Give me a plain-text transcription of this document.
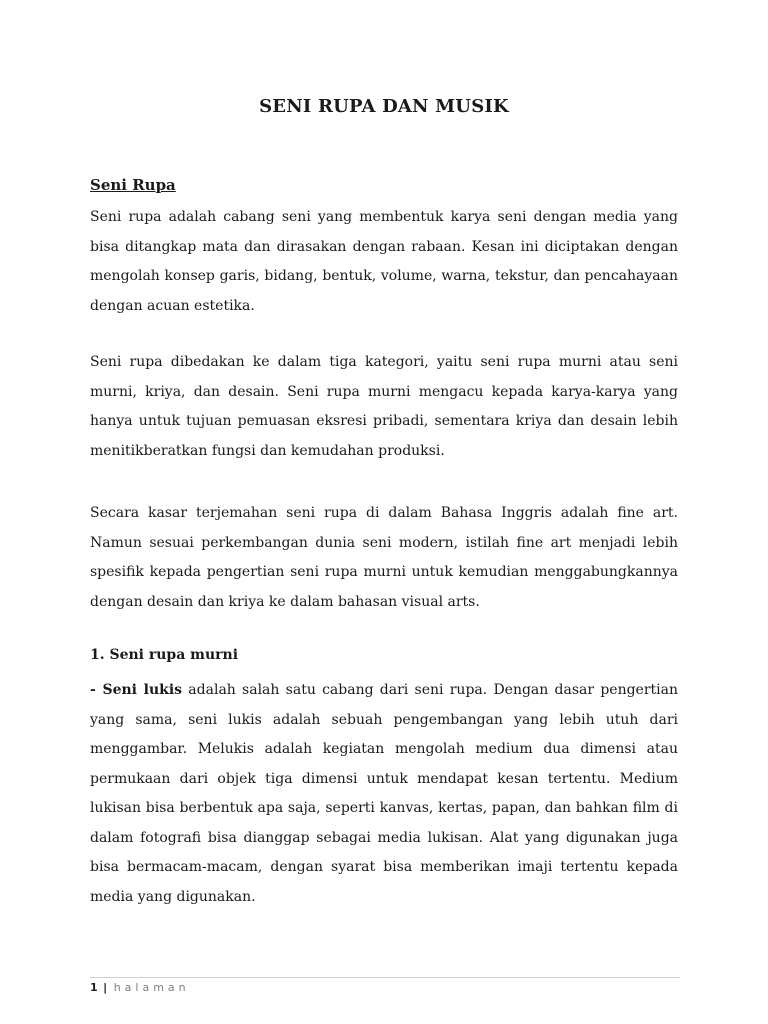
SENI RUPA DAN MUSIK
Seni Rupa

Seni rupa adalah cabang seni yang membentuk karya seni dengan media yang bisa ditangkap mata dan dirasakan dengan rabaan. Kesan ini diciptakan dengan mengolah konsep garis, bidang, bentuk, volume, warna, tekstur, dan pencahayaan dengan acuan estetika.

Seni rupa dibedakan ke dalam tiga kategori, yaitu seni rupa murni atau seni murni, kriya, dan desain. Seni rupa murni mengacu kepada karya-karya yang hanya untuk tujuan pemuasan eksresi pribadi, sementara kriya dan desain lebih menitikberatkan fungsi dan kemudahan produksi.

Secara kasar terjemahan seni rupa di dalam Bahasa Inggris adalah fine art. Namun sesuai perkembangan dunia seni modern, istilah fine art menjadi lebih spesifik kepada pengertian seni rupa murni untuk kemudian menggabungkannya dengan desain dan kriya ke dalam bahasan visual arts.

1. Seni rupa murni

- Seni lukis adalah salah satu cabang dari seni rupa. Dengan dasar pengertian yang sama, seni lukis adalah sebuah pengembangan yang lebih utuh dari menggambar. Melukis adalah kegiatan mengolah medium dua dimensi atau permukaan dari objek tiga dimensi untuk mendapat kesan tertentu. Medium lukisan bisa berbentuk apa saja, seperti kanvas, kertas, papan, dan bahkan film di dalam fotografi bisa dianggap sebagai media lukisan. Alat yang digunakan juga bisa bermacam-macam, dengan syarat bisa memberikan imaji tertentu kepada media yang digunakan.

1 | halaman
